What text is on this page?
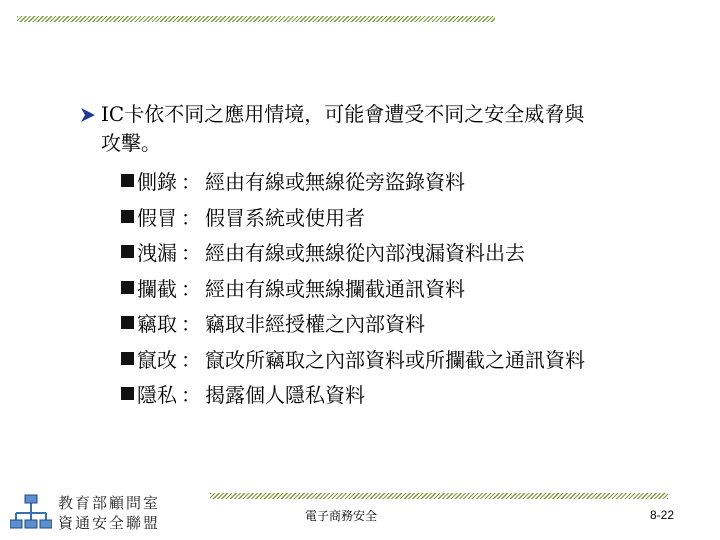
IC卡依不同之應用情境，可能會遭受不同之安全威脅與
攻擊。
側錄 ： 經由有線或無線從旁盜錄資料
假冒 ： 假冒系統或使用者
洩漏 ： 經由有線或無線從內部洩漏資料出去
攔截 ： 經由有線或無線攔截通訊資料
竊取 ： 竊取非經授權之內部資料
竄改 ： 竄改所竊取之內部資料或所攔截之通訊資料
隱私 ： 揭露個人隱私資料
教育部顧問室
資通安全聯盟	電子商務安全	8-22
